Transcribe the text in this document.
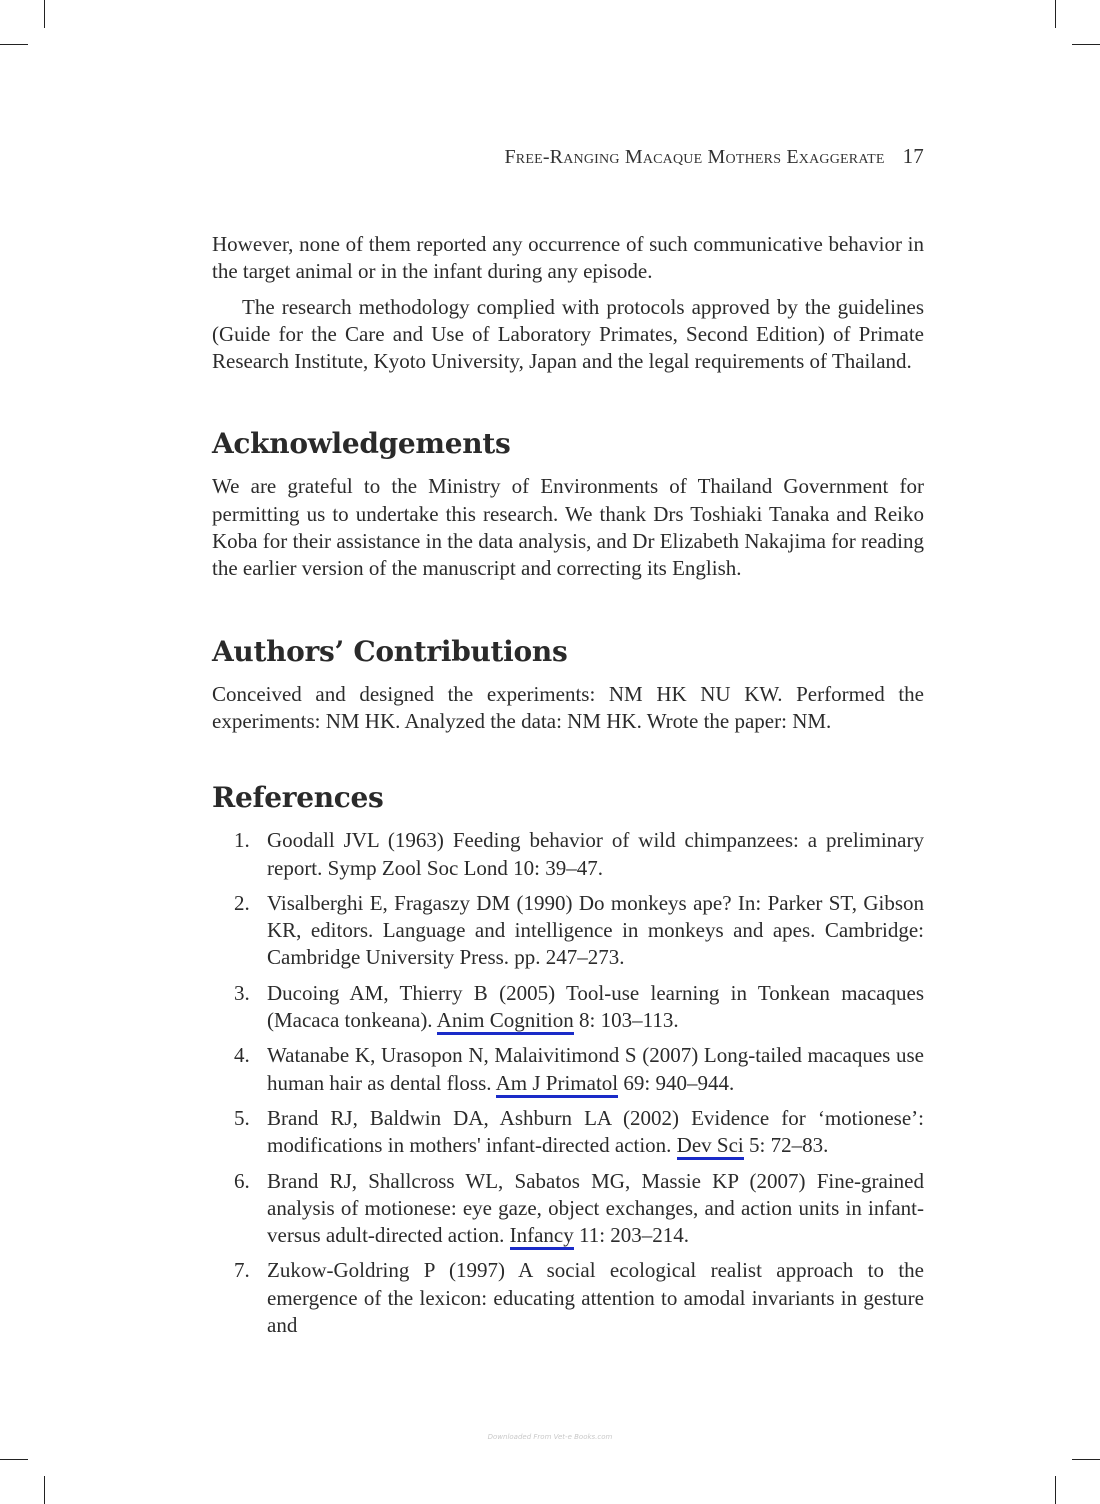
Free-Ranging Macaque Mothers Exaggerate 17

However, none of them reported any occurrence of such communicative behavior in the target animal or in the infant during any episode.

The research methodology complied with protocols approved by the guidelines (Guide for the Care and Use of Laboratory Primates, Second Edition) of Primate Research Institute, Kyoto University, Japan and the legal requirements of Thailand.

Acknowledgements

We are grateful to the Ministry of Environments of Thailand Government for permitting us to undertake this research. We thank Drs Toshiaki Tanaka and Reiko Koba for their assistance in the data analysis, and Dr Elizabeth Nakajima for reading the earlier version of the manuscript and correcting its English.

Authors’ Contributions

Conceived and designed the experiments: NM HK NU KW. Performed the experiments: NM HK. Analyzed the data: NM HK. Wrote the paper: NM.

References
1. Goodall JVL (1963) Feeding behavior of wild chimpanzees: a preliminary report. Symp Zool Soc Lond 10: 39–47.
2. Visalberghi E, Fragaszy DM (1990) Do monkeys ape? In: Parker ST, Gibson KR, editors. Language and intelligence in monkeys and apes. Cambridge: Cambridge University Press. pp. 247–273.
3. Ducoing AM, Thierry B (2005) Tool-use learning in Tonkean macaques (Macaca tonkeana). Anim Cognition 8: 103–113.
4. Watanabe K, Urasopon N, Malaivitimond S (2007) Long-tailed macaques use human hair as dental floss. Am J Primatol 69: 940–944.
5. Brand RJ, Baldwin DA, Ashburn LA (2002) Evidence for ‘motionese’: modifications in mothers' infant-directed action. Dev Sci 5: 72–83.
6. Brand RJ, Shallcross WL, Sabatos MG, Massie KP (2007) Fine-grained analysis of motionese: eye gaze, object exchanges, and action units in infant- versus adult-directed action. Infancy 11: 203–214.
7. Zukow-Goldring P (1997) A social ecological realist approach to the emergence of the lexicon: educating attention to amodal invariants in gesture and
Downloaded From Vet-e Books.com
